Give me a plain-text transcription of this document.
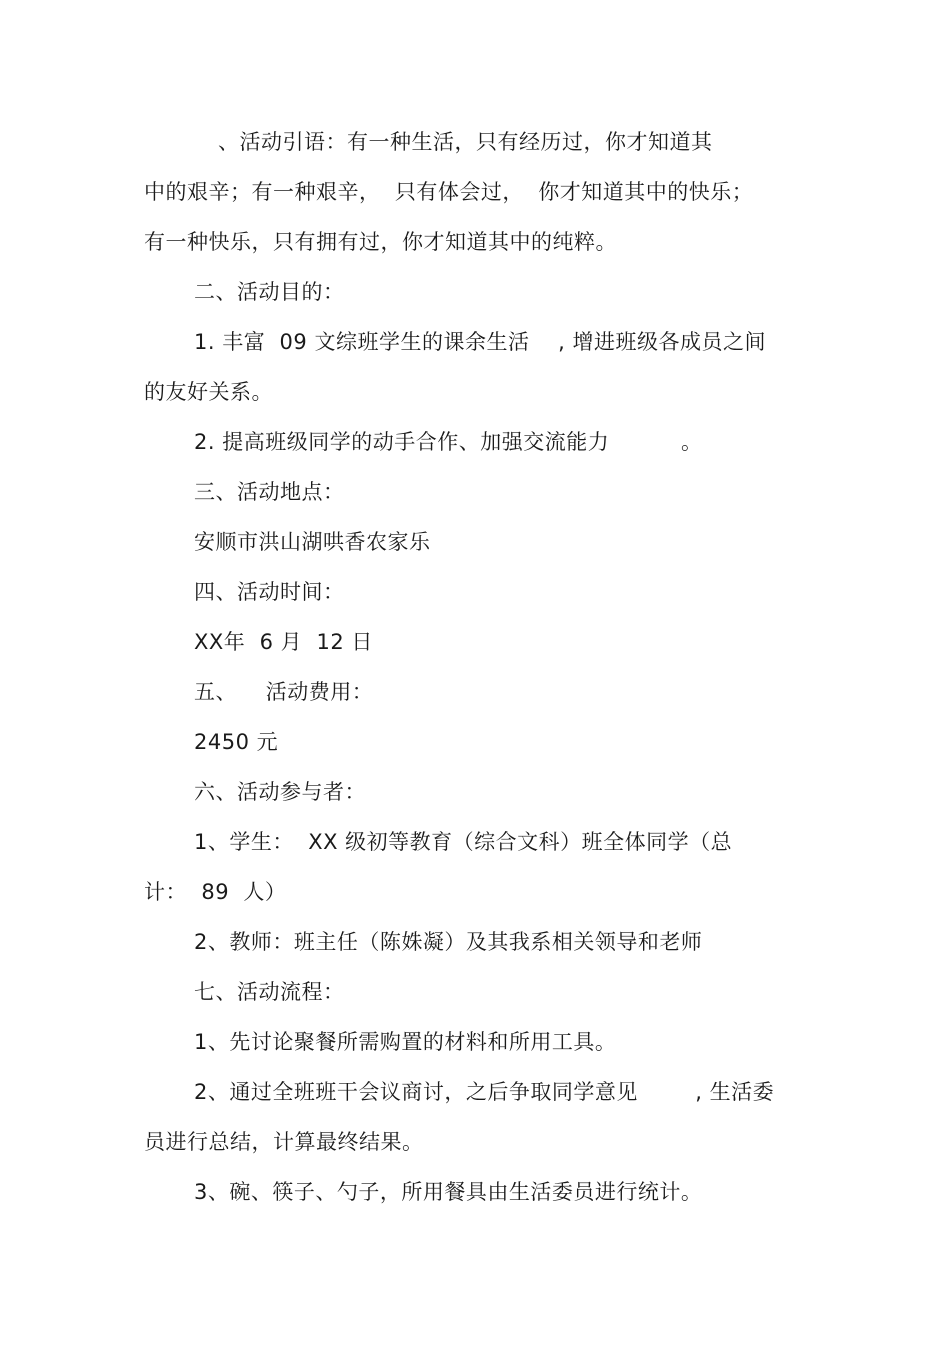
、活动引语：有一种生活，只有经历过，你才知道其
中的艰辛；有一种艰辛，  只有体会过，  你才知道其中的快乐；
有一种快乐，只有拥有过，你才知道其中的纯粹。
二、活动目的：
1. 丰富  09 文综班学生的课余生活    , 增进班级各成员之间
的友好关系。
2. 提高班级同学的动手合作、加强交流能力          。
三、活动地点：
安顺市洪山湖哄香农家乐
四、活动时间：
XX年  6 月  12 日
五、    活动费用：
2450 元
六、活动参与者：
1、学生：  XX 级初等教育（综合文科）班全体同学（总
计：  89  人）
2、教师：班主任（陈姝凝）及其我系相关领导和老师
七、活动流程：
1、先讨论聚餐所需购置的材料和所用工具。
2、通过全班班干会议商讨，之后争取同学意见        , 生活委
员进行总结，计算最终结果。
3、碗、筷子、勺子，所用餐具由生活委员进行统计。
